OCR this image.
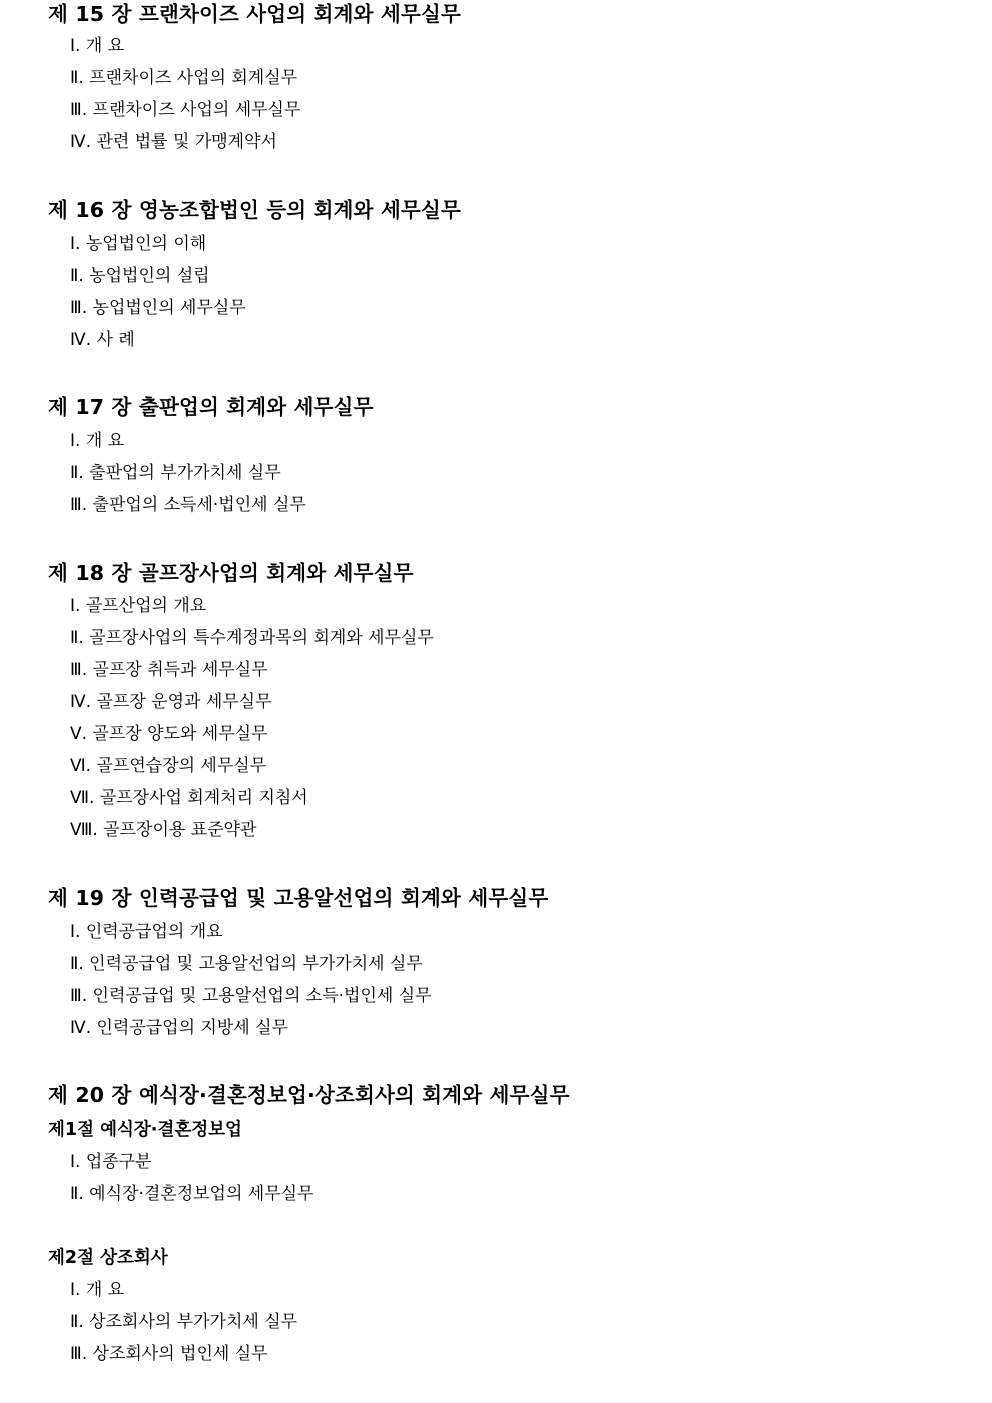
제 15 장 프랜차이즈 사업의 회계와 세무실무
Ⅰ. 개 요
Ⅱ. 프랜차이즈 사업의 회계실무
Ⅲ. 프랜차이즈 사업의 세무실무
Ⅳ. 관련 법률 및 가맹계약서
제 16 장 영농조합법인 등의 회계와 세무실무
Ⅰ. 농업법인의 이해
Ⅱ. 농업법인의 설립
Ⅲ. 농업법인의 세무실무
Ⅳ. 사 례
제 17 장 출판업의 회계와 세무실무
Ⅰ. 개 요
Ⅱ. 출판업의 부가가치세 실무
Ⅲ. 출판업의 소득세·법인세 실무
제 18 장 골프장사업의 회계와 세무실무
Ⅰ. 골프산업의 개요
Ⅱ. 골프장사업의 특수계정과목의 회계와 세무실무
Ⅲ. 골프장 취득과 세무실무
Ⅳ. 골프장 운영과 세무실무
Ⅴ. 골프장 양도와 세무실무
Ⅵ. 골프연습장의 세무실무
Ⅶ. 골프장사업 회계처리 지침서
Ⅷ. 골프장이용 표준약관
제 19 장 인력공급업 및 고용알선업의 회계와 세무실무
Ⅰ. 인력공급업의 개요
Ⅱ. 인력공급업 및 고용알선업의 부가가치세 실무
Ⅲ. 인력공급업 및 고용알선업의 소득·법인세 실무
Ⅳ. 인력공급업의 지방세 실무
제 20 장 예식장·결혼정보업·상조회사의 회계와 세무실무
제1절 예식장·결혼정보업
Ⅰ. 업종구분
Ⅱ. 예식장·결혼정보업의 세무실무
제2절 상조회사
Ⅰ. 개 요
Ⅱ. 상조회사의 부가가치세 실무
Ⅲ. 상조회사의 법인세 실무
